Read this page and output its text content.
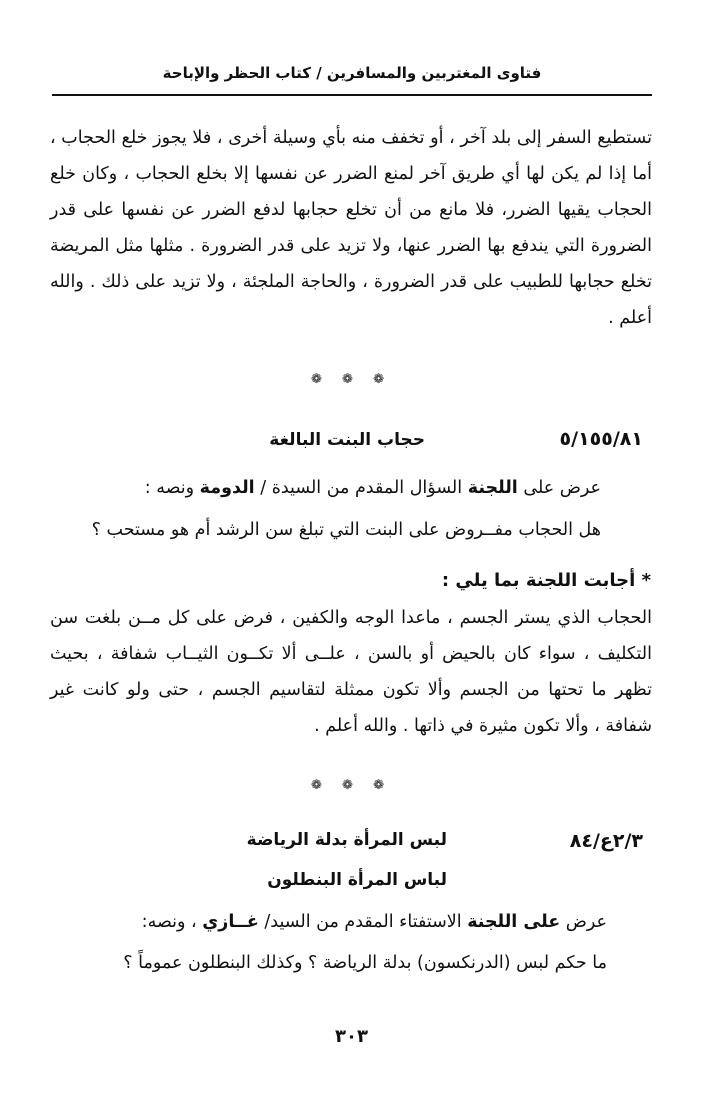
فتاوى المغتربين والمسافرين / كتاب الحظر والإباحة
تستطيع السفر إلى بلد آخر ، أو تخفف منه بأي وسيلة أخرى ، فلا يجوز خلع الحجاب ، أما إذا لم يكن لها أي طريق آخر لمنع الضرر عن نفسها إلا بخلع الحجاب ، وكان خلع الحجاب يقيها الضرر، فلا مانع من أن تخلع حجابها لدفع الضرر عن نفسها على قدر الضرورة التي يندفع بها الضرر عنها، ولا تزيد على قدر الضرورة . مثلها مثل المريضة تخلع حجابها للطبيب على قدر الضرورة ، والحاجة الملجئة ، ولا تزيد على ذلك . والله أعلم .
❁ ❁ ❁
٥/١٥٥/٨١
حجاب البنت البالغة
عرض على اللجنة السؤال المقدم من السيدة / الدومة ونصه :
هل الحجاب مفــروض على البنت التي تبلغ سن الرشد أم هو مستحب ؟
* أجابت اللجنة بما يلي :
الحجاب الذي يستر الجسم ، ماعدا الوجه والكفين ، فرض على كل مــن بلغت سن التكليف ، سواء كان بالحيض أو بالسن ، علــى ألا تكــون الثيــاب شفافة ، بحيث تظهر ما تحتها من الجسم وألا تكون ممثلة لتقاسيم الجسم ، حتى ولو كانت غير شفافة ، وألا تكون مثيرة في ذاتها . والله أعلم .
❁ ❁ ❁
٢/٣ع/٨٤
لبس المرأة بدلة الرياضة
لباس المرأة البنطلون
عرض على اللجنة الاستفتاء المقدم من السيد/ غــازي ، ونصه:
ما حكم لبس (الدرنكسون) بدلة الرياضة ؟ وكذلك البنطلون عموماً ؟
٣٠٣
